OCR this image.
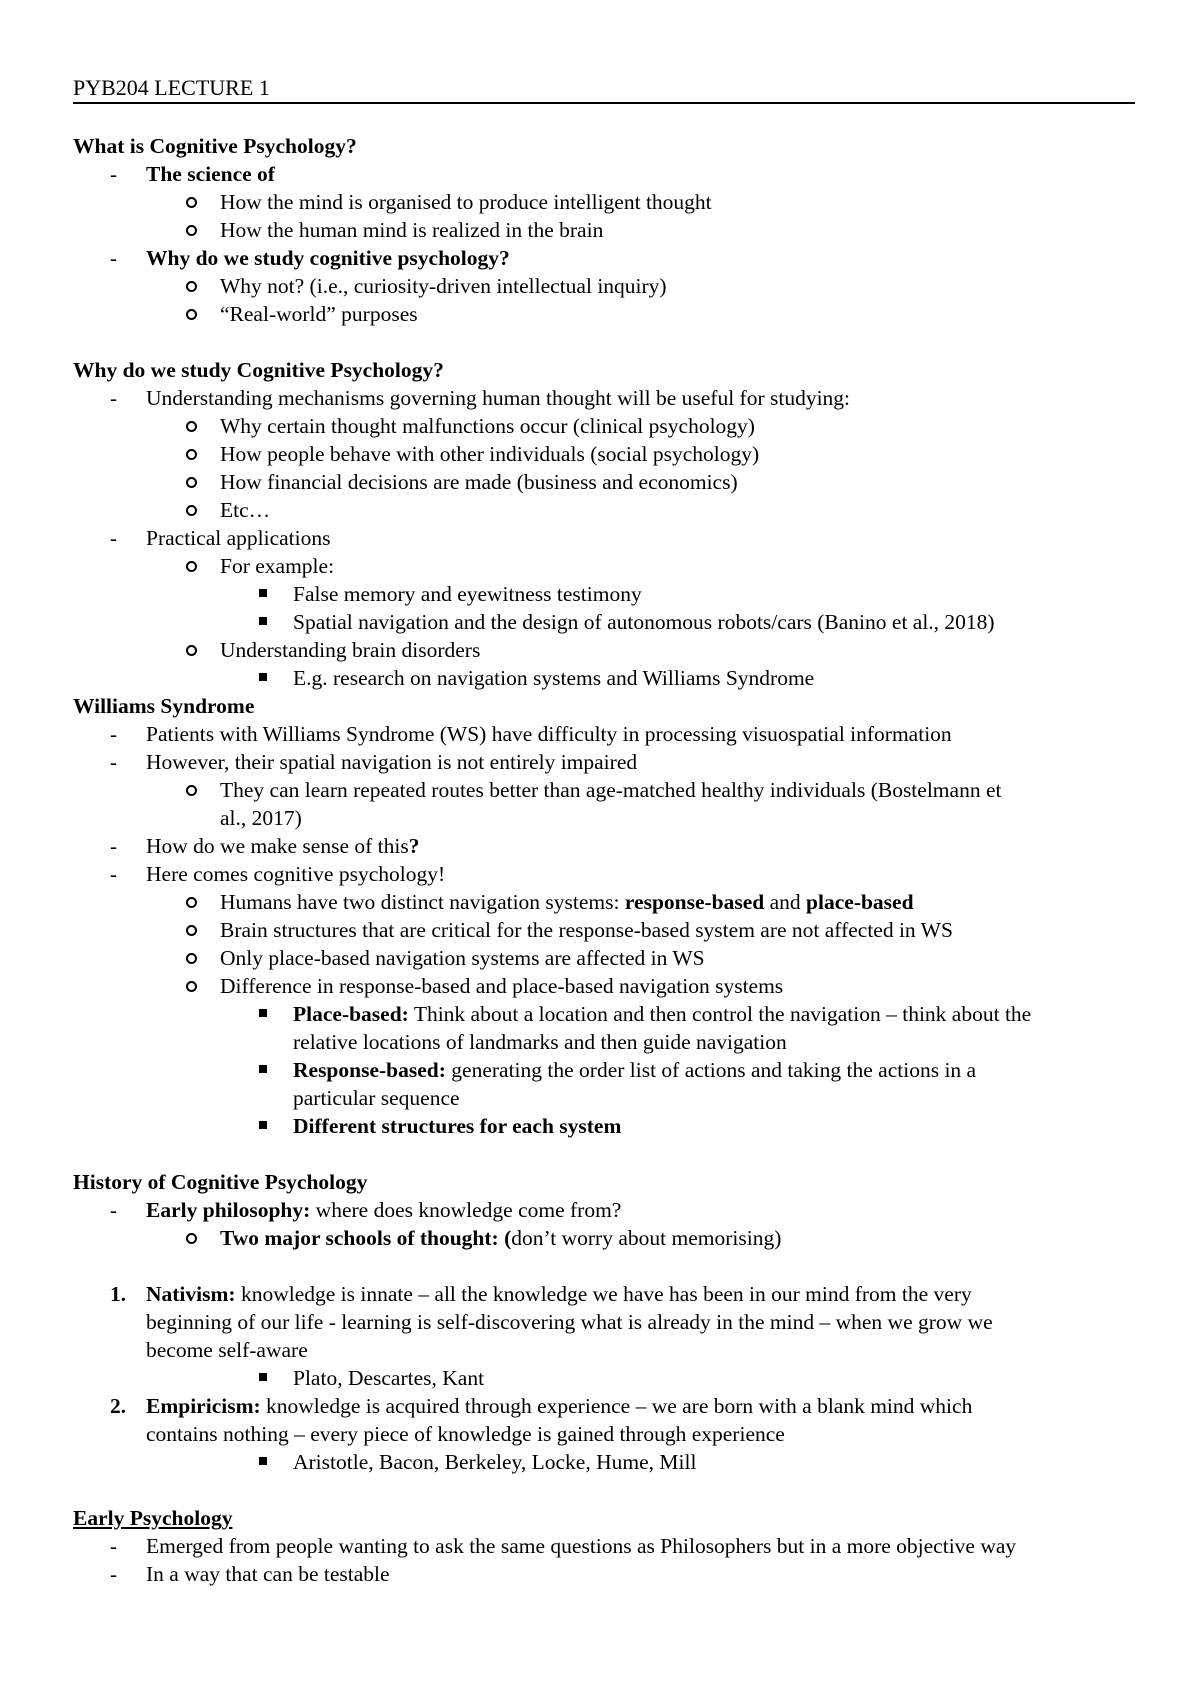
PYB204 LECTURE 1
What is Cognitive Psychology?
- The science of
How the mind is organised to produce intelligent thought
How the human mind is realized in the brain
- Why do we study cognitive psychology?
Why not? (i.e., curiosity-driven intellectual inquiry)
“Real-world” purposes
Why do we study Cognitive Psychology?
- Understanding mechanisms governing human thought will be useful for studying:
Why certain thought malfunctions occur (clinical psychology)
How people behave with other individuals (social psychology)
How financial decisions are made (business and economics)
Etc…
- Practical applications
For example:
False memory and eyewitness testimony
Spatial navigation and the design of autonomous robots/cars (Banino et al., 2018)
Understanding brain disorders
E.g. research on navigation systems and Williams Syndrome
Williams Syndrome
- Patients with Williams Syndrome (WS) have difficulty in processing visuospatial information
- However, their spatial navigation is not entirely impaired
They can learn repeated routes better than age-matched healthy individuals (Bostelmann et
al., 2017)
- How do we make sense of this?
- Here comes cognitive psychology!
Humans have two distinct navigation systems: response-based and place-based
Brain structures that are critical for the response-based system are not affected in WS
Only place-based navigation systems are affected in WS
Difference in response-based and place-based navigation systems
Place-based: Think about a location and then control the navigation – think about the
relative locations of landmarks and then guide navigation
Response-based: generating the order list of actions and taking the actions in a
particular sequence
Different structures for each system
History of Cognitive Psychology
- Early philosophy: where does knowledge come from?
Two major schools of thought: (don’t worry about memorising)
1. Nativism: knowledge is innate – all the knowledge we have has been in our mind from the very
beginning of our life - learning is self-discovering what is already in the mind – when we grow we
become self-aware
Plato, Descartes, Kant
2. Empiricism: knowledge is acquired through experience – we are born with a blank mind which
contains nothing – every piece of knowledge is gained through experience
Aristotle, Bacon, Berkeley, Locke, Hume, Mill
Early Psychology
- Emerged from people wanting to ask the same questions as Philosophers but in a more objective way
- In a way that can be testable
